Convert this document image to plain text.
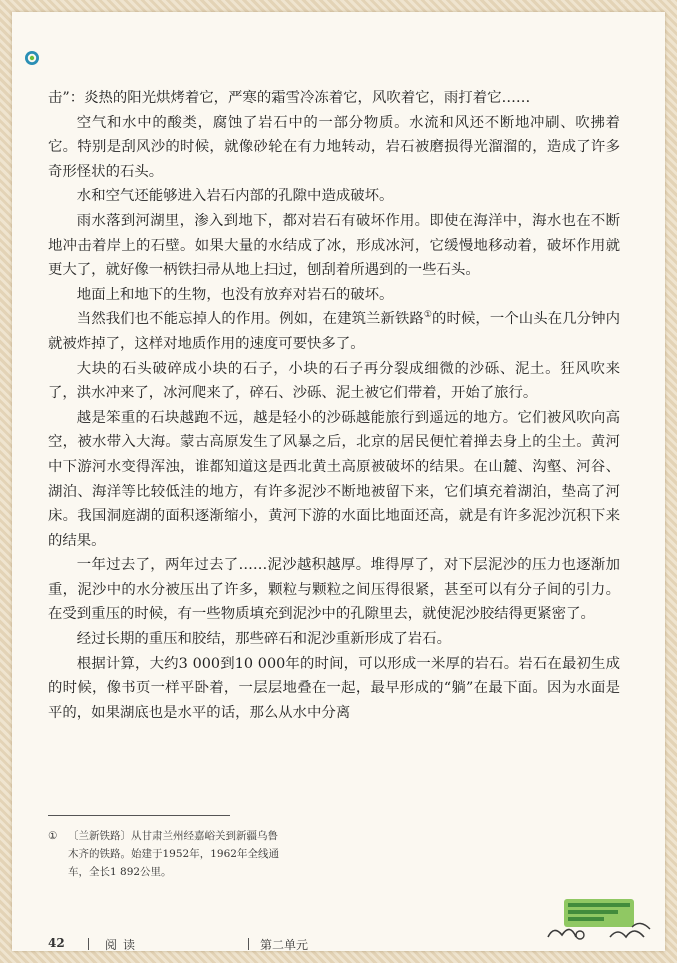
击”：炎热的阳光烘烤着它，严寒的霜雪冷冻着它，风吹着它，雨打着它……

空气和水中的酸类，腐蚀了岩石中的一部分物质。水流和风还不断地冲刷、吹拂着它。特别是刮风沙的时候，就像砂轮在有力地转动，岩石被磨损得光溜溜的，造成了许多奇形怪状的石头。

水和空气还能够进入岩石内部的孔隙中造成破坏。

雨水落到河湖里，渗入到地下，都对岩石有破坏作用。即使在海洋中，海水也在不断地冲击着岸上的石壁。如果大量的水结成了冰，形成冰河，它缓慢地移动着，破坏作用就更大了，就好像一柄铁扫帚从地上扫过，刨刮着所遇到的一些石头。

地面上和地下的生物，也没有放弃对岩石的破坏。

当然我们也不能忘掉人的作用。例如，在建筑兰新铁路①的时候，一个山头在几分钟内就被炸掉了，这样对地质作用的速度可要快多了。

大块的石头破碎成小块的石子，小块的石子再分裂成细微的沙砾、泥土。狂风吹来了，洪水冲来了，冰河爬来了，碎石、沙砾、泥土被它们带着，开始了旅行。

越是笨重的石块越跑不远，越是轻小的沙砾越能旅行到遥远的地方。它们被风吹向高空，被水带入大海。蒙古高原发生了风暴之后，北京的居民便忙着掸去身上的尘土。黄河中下游河水变得浑浊，谁都知道这是西北黄土高原被破坏的结果。在山麓、沟壑、河谷、湖泊、海洋等比较低洼的地方，有许多泥沙不断地被留下来，它们填充着湖泊，垫高了河床。我国洞庭湖的面积逐渐缩小，黄河下游的水面比地面还高，就是有许多泥沙沉积下来的结果。

一年过去了，两年过去了……泥沙越积越厚。堆得厚了，对下层泥沙的压力也逐渐加重，泥沙中的水分被压出了许多，颗粒与颗粒之间压得很紧，甚至可以有分子间的引力。在受到重压的时候，有一些物质填充到泥沙中的孔隙里去，就使泥沙胶结得更紧密了。

经过长期的重压和胶结，那些碎石和泥沙重新形成了岩石。

根据计算，大约3 000到10 000年的时间，可以形成一米厚的岩石。岩石在最初生成的时候，像书页一样平卧着，一层层地叠在一起，最早形成的“躺”在最下面。因为水面是平的，如果湖底也是水平的话，那么从水中分离

① 〔兰新铁路〕从甘肃兰州经嘉峪关到新疆乌鲁
木齐的铁路。始建于1952年，1962年全线通
车，全长1 892公里。
42	阅读	第二单元
